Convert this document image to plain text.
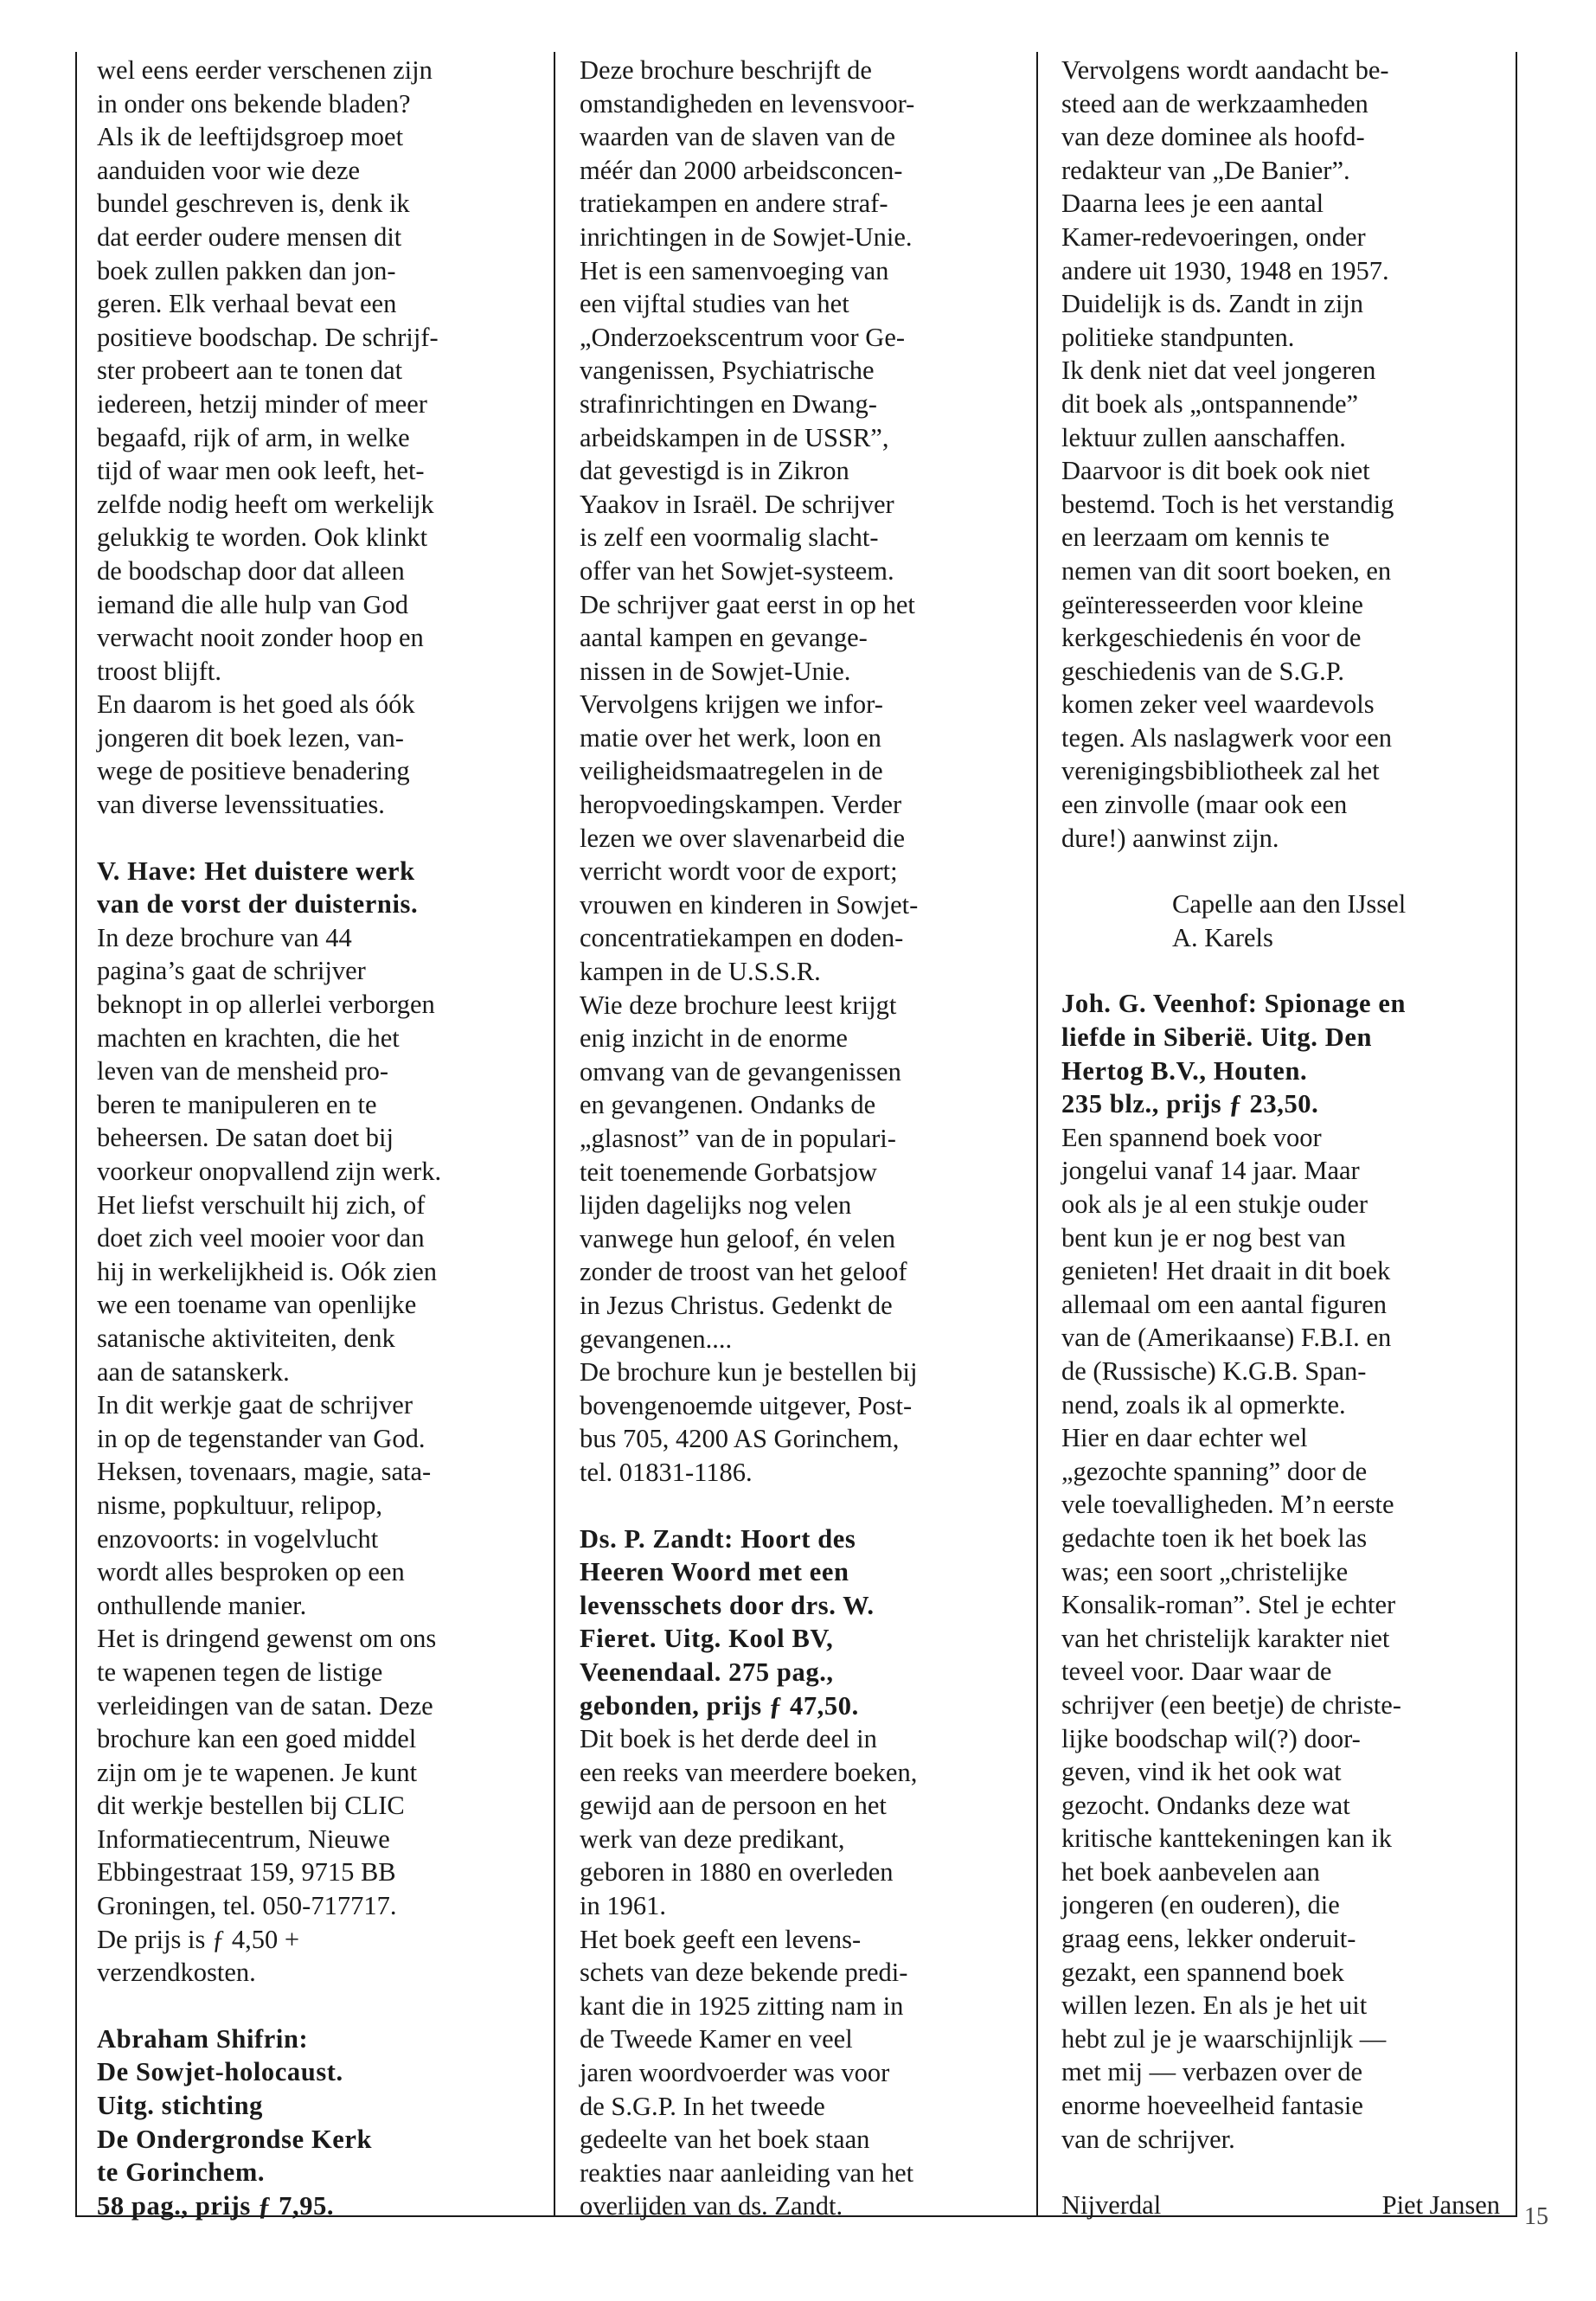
wel eens eerder verschenen zijn
in onder ons bekende bladen?
Als ik de leeftijdsgroep moet
aanduiden voor wie deze
bundel geschreven is, denk ik
dat eerder oudere mensen dit
boek zullen pakken dan jon-
geren. Elk verhaal bevat een
positieve boodschap. De schrijf-
ster probeert aan te tonen dat
iedereen, hetzij minder of meer
begaafd, rijk of arm, in welke
tijd of waar men ook leeft, het-
zelfde nodig heeft om werkelijk
gelukkig te worden. Ook klinkt
de boodschap door dat alleen
iemand die alle hulp van God
verwacht nooit zonder hoop en
troost blijft.
En daarom is het goed als óók
jongeren dit boek lezen, van-
wege de positieve benadering
van diverse levenssituaties.
V. Have: Het duistere werk
van de vorst der duisternis.
In deze brochure van 44
pagina’s gaat de schrijver
beknopt in op allerlei verborgen
machten en krachten, die het
leven van de mensheid pro-
beren te manipuleren en te
beheersen. De satan doet bij
voorkeur onopvallend zijn werk.
Het liefst verschuilt hij zich, of
doet zich veel mooier voor dan
hij in werkelijkheid is. Oók zien
we een toename van openlijke
satanische aktiviteiten, denk
aan de satanskerk.
In dit werkje gaat de schrijver
in op de tegenstander van God.
Heksen, tovenaars, magie, sata-
nisme, popkultuur, relipop,
enzovoorts: in vogelvlucht
wordt alles besproken op een
onthullende manier.
Het is dringend gewenst om ons
te wapenen tegen de listige
verleidingen van de satan. Deze
brochure kan een goed middel
zijn om je te wapenen. Je kunt
dit werkje bestellen bij CLIC
Informatiecentrum, Nieuwe
Ebbingestraat 159, 9715 BB
Groningen, tel. 050-717717.
De prijs is ƒ 4,50 +
verzendkosten.
Abraham Shifrin:
De Sowjet-holocaust.
Uitg. stichting
De Ondergrondse Kerk
te Gorinchem.
58 pag., prijs ƒ 7,95.
Deze brochure beschrijft de
omstandigheden en levensvoor-
waarden van de slaven van de
méér dan 2000 arbeidsconcen-
tratiekampen en andere straf-
inrichtingen in de Sowjet-Unie.
Het is een samenvoeging van
een vijftal studies van het
„Onderzoekscentrum voor Ge-
vangenissen, Psychiatrische
strafinrichtingen en Dwang-
arbeidskampen in de USSR”,
dat gevestigd is in Zikron
Yaakov in Israël. De schrijver
is zelf een voormalig slacht-
offer van het Sowjet-systeem.
De schrijver gaat eerst in op het
aantal kampen en gevange-
nissen in de Sowjet-Unie.
Vervolgens krijgen we infor-
matie over het werk, loon en
veiligheidsmaatregelen in de
heropvoedingskampen. Verder
lezen we over slavenarbeid die
verricht wordt voor de export;
vrouwen en kinderen in Sowjet-
concentratiekampen en doden-
kampen in de U.S.S.R.
Wie deze brochure leest krijgt
enig inzicht in de enorme
omvang van de gevangenissen
en gevangenen. Ondanks de
„glasnost” van de in populari-
teit toenemende Gorbatsjow
lijden dagelijks nog velen
vanwege hun geloof, én velen
zonder de troost van het geloof
in Jezus Christus. Gedenkt de
gevangenen....
De brochure kun je bestellen bij
bovengenoemde uitgever, Post-
bus 705, 4200 AS Gorinchem,
tel. 01831-1186.
Ds. P. Zandt: Hoort des
Heeren Woord met een
levensschets door drs. W.
Fieret. Uitg. Kool BV,
Veenendaal. 275 pag.,
gebonden, prijs ƒ 47,50.
Dit boek is het derde deel in
een reeks van meerdere boeken,
gewijd aan de persoon en het
werk van deze predikant,
geboren in 1880 en overleden
in 1961.
Het boek geeft een levens-
schets van deze bekende predi-
kant die in 1925 zitting nam in
de Tweede Kamer en veel
jaren woordvoerder was voor
de S.G.P. In het tweede
gedeelte van het boek staan
reakties naar aanleiding van het
overlijden van ds. Zandt.
Vervolgens wordt aandacht be-
steed aan de werkzaamheden
van deze dominee als hoofd-
redakteur van „De Banier”.
Daarna lees je een aantal
Kamer-redevoeringen, onder
andere uit 1930, 1948 en 1957.
Duidelijk is ds. Zandt in zijn
politieke standpunten.
Ik denk niet dat veel jongeren
dit boek als „ontspannende”
lektuur zullen aanschaffen.
Daarvoor is dit boek ook niet
bestemd. Toch is het verstandig
en leerzaam om kennis te
nemen van dit soort boeken, en
geïnteresseerden voor kleine
kerkgeschiedenis én voor de
geschiedenis van de S.G.P.
komen zeker veel waardevols
tegen. Als naslagwerk voor een
verenigingsbibliotheek zal het
een zinvolle (maar ook een
dure!) aanwinst zijn.
Capelle aan den IJssel
A. Karels
Joh. G. Veenhof: Spionage en
liefde in Siberië. Uitg. Den
Hertog B.V., Houten.
235 blz., prijs ƒ 23,50.
Een spannend boek voor
jongelui vanaf 14 jaar. Maar
ook als je al een stukje ouder
bent kun je er nog best van
genieten! Het draait in dit boek
allemaal om een aantal figuren
van de (Amerikaanse) F.B.I. en
de (Russische) K.G.B. Span-
nend, zoals ik al opmerkte.
Hier en daar echter wel
„gezochte spanning” door de
vele toevalligheden. M’n eerste
gedachte toen ik het boek las
was; een soort „christelijke
Konsalik-roman”. Stel je echter
van het christelijk karakter niet
teveel voor. Daar waar de
schrijver (een beetje) de christe-
lijke boodschap wil(?) door-
geven, vind ik het ook wat
gezocht. Ondanks deze wat
kritische kanttekeningen kan ik
het boek aanbevelen aan
jongeren (en ouderen), die
graag eens, lekker onderuit-
gezakt, een spannend boek
willen lezen. En als je het uit
hebt zul je je waarschijnlijk —
met mij — verbazen over de
enorme hoeveelheid fantasie
van de schrijver.
Nijverdal	Piet Jansen 15
